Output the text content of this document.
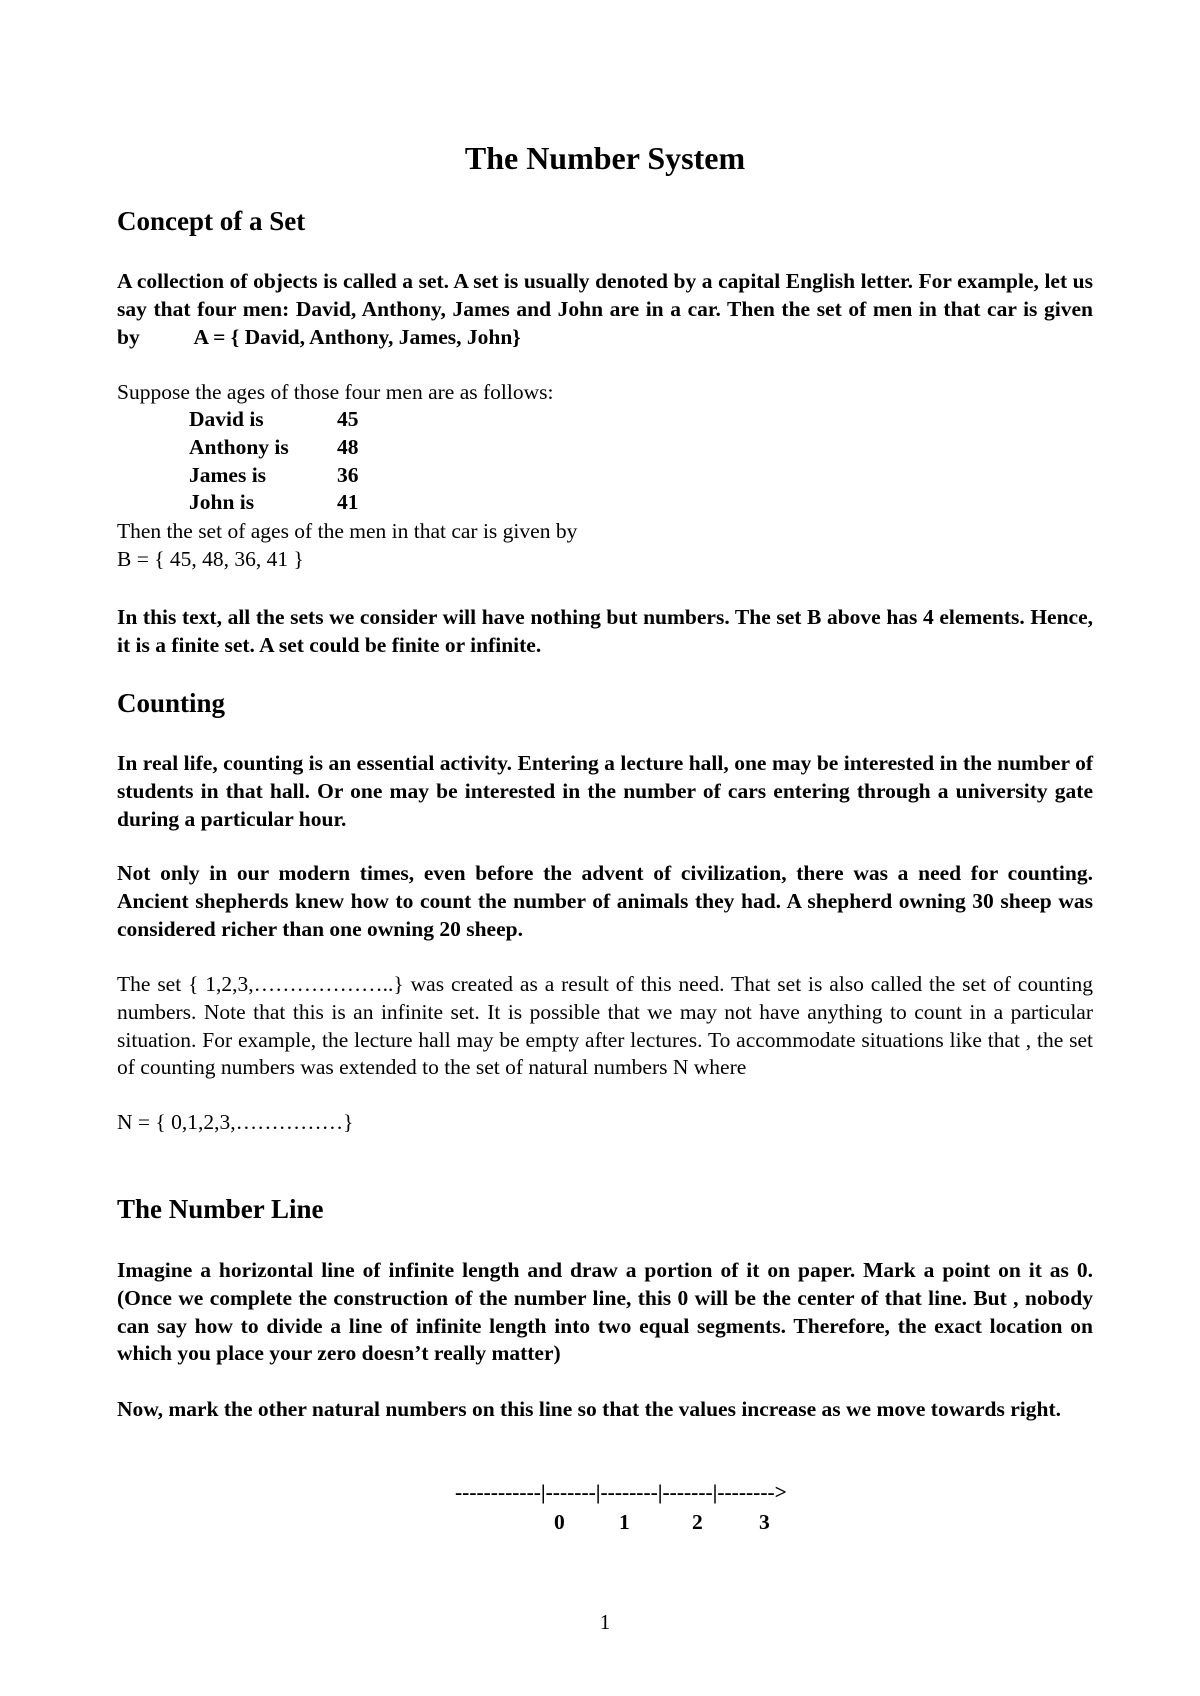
The Number System
Concept of a Set

A collection of objects is called a set. A set is usually denoted by a capital English letter. For example, let us say that four men: David, Anthony, James and John are in a car. Then the set of men in that car is given by          A = { David, Anthony, James, John}

Suppose the ages of those four men are as follows:

David is	45
Anthony is	48
James is	36
John is	41

Then the set of ages of the men in that car is given by

B = { 45, 48, 36, 41 }

In this text, all the sets we consider will have nothing but numbers. The set B above has 4 elements. Hence, it is a finite set. A set could be finite or infinite.

Counting

In real life, counting is an essential activity. Entering a lecture hall, one may be interested in the number of students in that hall. Or one may be interested in the number of cars entering through a university gate during a particular hour.

Not only in our modern times, even before the advent of civilization, there was a need for counting. Ancient shepherds knew how to count the number of animals they had. A shepherd owning 30 sheep was considered richer than one owning 20 sheep.

The set { 1,2,3,………………..} was created as a result of this need. That set is also called the set of counting numbers. Note that this is an infinite set. It is possible that we may not have anything to count in a particular situation. For example, the lecture hall may be empty after lectures. To accommodate situations like that , the set of counting numbers was extended to the set of natural numbers N where

N = { 0,1,2,3,……………}

The Number Line

Imagine a horizontal line of infinite length and draw a portion of it on paper. Mark a point on it as 0. (Once we complete the construction of the number line, this 0 will be the center of that line. But , nobody can say how to divide a line of infinite length into two equal segments. Therefore, the exact location on which you place your zero doesn’t really matter)

Now, mark the other natural numbers on this line so that the values increase as we move towards right.

------------|-------|--------|-------|-------->
0	1	2	3
1
